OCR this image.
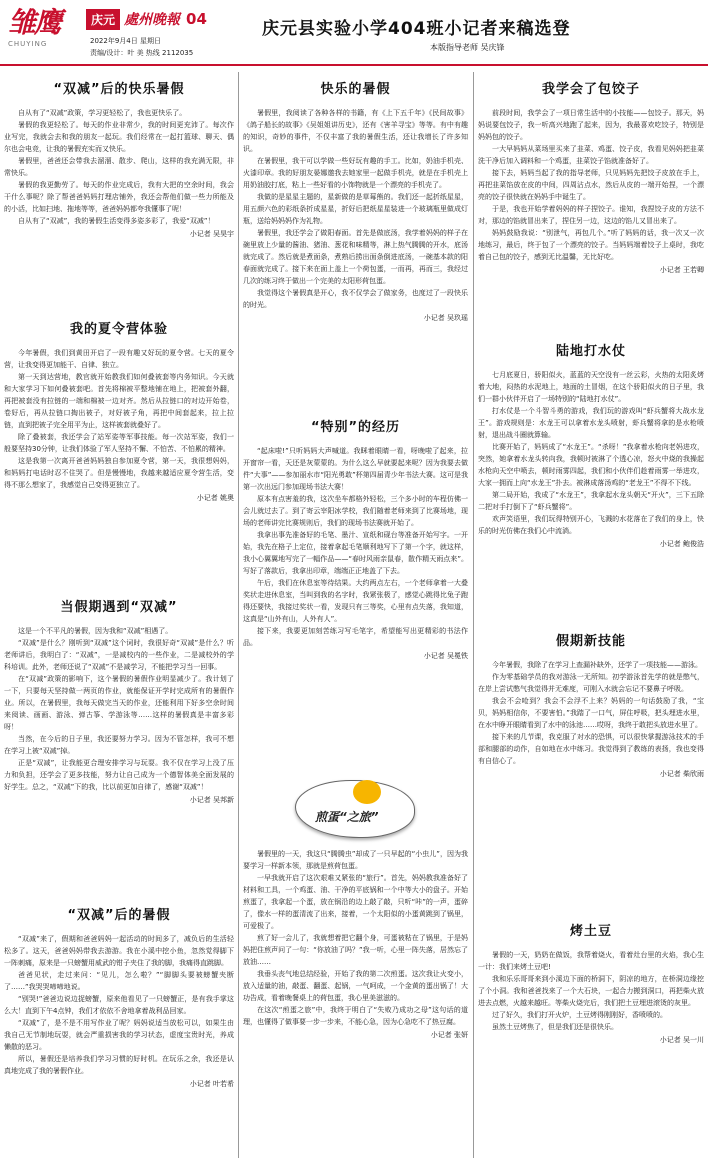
雏鹰
CHUYING
庆元 處州晚報 04
2022年9月4日 星期日
责编/设计：叶 美 热线 2112035
庆元县实验小学404班小记者来稿选登
本版指导老师 吴庆锋
“双减”后的快乐暑假

自从有了“双减”政策，学习更轻松了，我也更快乐了。

暑假的我更轻松了。每天的作业非常少，我的时间更充沛了。每次作业写完，我就会去和我的朋友一起玩。我们经常在一起打篮球、聊天、偶尔也会电竞，让我的暑假充实而又快乐。

暑假里，爸爸还会带我去溜溜、散步、爬山，这样的我充满无限，非常快乐。

暑假的我更勤劳了。每天的作业完成后，我有大把的空余时间，我会干什么事呢？除了帮爸爸妈妈打理店铺外，我还会帮他们做一些力所能及的小活，比如扫地、拖地等等，爸爸妈妈都夸我懂事了呢！

自从有了“双减”，我的暑假生活变得多姿多彩了，我爱“双减”！

小记者 吴昊宇
我的夏令营体验

今年暑假，我们到黄田开启了一段有趣又好玩的夏令营。七天的夏令营，让我变得更加能干、自律、独立。

第一天到达营地，教官就开始教我们如何叠被套等内务知识。今天就和大家学习下如何叠被套吧。首先将棉被平整地铺在地上，把被套外翻，再把被套没有拉链的一端和棉被一边对齐。然后从拉链口的对边开始卷，卷好后，再从拉链口掏出被子，对好被子角，再把中间套起来，拉上拉链，直到把被子完全用平为止，这样被套就叠好了。

除了叠被套，我还学会了站军姿等军事技能。每一次站军姿，我们一般要坚持30分钟，让我们体验了军人坚持不懈、不怕苦、不怕累的精神。

这是我第一次离开爸爸妈妈独自参加夏令营，第一天，我很想妈妈，和妈妈打电话时忍不住哭了。但是慢慢地，我越来越适应夏令营生活，变得不那么想家了，我感觉自己变得更独立了。

小记者 姚奥
当假期遇到“双减”

这是一个不平凡的暑假，因为我和“双减”相遇了。

“双减”是什么？刚听到“双减”这个词时，我很好奇“双减”是什么？听老师讲后，我明白了：“双减”，一是减校内的一些作业，二是减校外的学科培训。此外，老师还说了“双减”不是减学习，不能把学习当一回事。

在“双减”政策的影响下，这个暑假的暑假作业明显减少了。我计划了一下，只要每天坚持做一两页的作业，就能保证开学时完成所有的暑假作业。所以，在暑假里，我每天做完当天的作业，还能利用下好多空余时间来阅读、画画、游泳、弹古筝、学游泳等……这样的暑假真是丰富多彩呀！

当然，在今后的日子里，我还要努力学习。因为不管怎样，我可不想在学习上被“双减”掉。

正是“双减”，让我能更合理安排学习与玩耍。我不仅在学习上没了压力和负担，还学会了更多技能，努力让自己成为一个德智体美全面发展的好学生。总之，“双减”下的我，比以前更加自律了，感谢“双减”！

小记者 吴邦新
“双减”后的暑假

“双减”来了，假期和爸爸妈妈一起活动的时间多了，减负后的生活轻松多了。这天，爸爸妈妈带我去游游。我在小溪中挖小鱼，忽然觉得脚下一阵刺痛，原来是一只螃蟹用威武的钳子夹住了我的脚，我痛得直跳脚。

爸爸见状，走过来问：“见儿，怎么啦？”“脚脚头要被螃蟹夹断了……”我哭哭啼啼地说。

“别哭!”爸爸边说边捉螃蟹，原来他看见了一只螃蟹正，是有我手掌这么大！直到下午4点钟，我们才依依不舍地拿着战利品回家。

“双减”了，是不是不用写作业了呢？妈妈说适当放松可以，如果生由我自己无节制地玩耍，就会严重损害我的学习状态，虚度宝贵时光，养成懒散的恶习。

所以，暑假还是培养我们学习习惯的好时机。在玩乐之余，我还是认真地完成了我的暑假作业。

小记者 叶若希
快乐的暑假

暑假里，我阅读了各种各样的书籍，有《上下五千年》《民间故事》《鸽子船长的故事》《吴姐姐讲历史》，还有《害羊寻宝》等等。有中有趣的知识，奇妙的事件，不仅丰富了我的暑假生活，还让我增长了许多知识。

在暑假里，我干可以学做一些好玩有趣的手工。比如，奶油手机壳、火漆印章。我的好朋友晏娜邀我去她家里一起做手机壳，就是在手机壳上用奶油胶打底，粘上一些好看的小饰物就是一个漂亮的手机壳了。

我做的是星星主题的，星新做的是草莓熊的。我们还一起折纸星星，用五颜六色的彩纸条折成星星，折好后把纸星星装进一个玻璃瓶里做成灯瓶，送给妈妈妈作为礼物。

暑假里，我还学会了做阳春面。首先是做底汤，我学着妈妈的样子在碗里放上少量的酱油、猪油、葱花和味精等，淋上热气腾腾的开水，底汤就完成了。然后就是煮面条，煮熟后捞出面条倒进底汤，一碗基本款的阳春面就完成了。接下来在面上盖上一个荷包蛋，一而再，再而三，我经过几次的练习终于做出一个完美的太阳形荷包蛋。

我觉得这个暑假真是开心，我不仅学会了做家务，也度过了一段快乐的时光。

小记者 吴玖瑶
“特别”的经历

“起床啦!”只听妈妈大声喊道。我眯着眼睛一看，呀晚啦了起来，拉开窗帘一看，天还是灰蒙蒙的。为什么这么早就要起来呢？因为我要去做件“大事”——参加丽水市“阳光勇敢”杯第四届青少年书法大赛。这可是我第一次出远门参加现场书法大赛！

原本有点害羞的我，这次坐车都格外轻松，三个多小时的车程仿佛一会儿就过去了。到了寄云宰阳冰学校，我们随着老师来到了比赛场地，现场的老师讲完比赛规则后，我们的现场书法赛就开始了。

我拿出事先准备好的毛笔、墨汁、宣纸和砚台等准备开始写字。一开始，我先在格子上定位，接着拿起毛笔顺利地写下了第一个字，就这样，我小心翼翼地写完了一幅作品——“春时风雨亲鼠春，散作精天雨点来”。写好了落款后，我拿出印章，端端正正地盖了下去。

午后，我们在休息室等待结果。大约两点左右，一个老师拿着一大叠奖状走进休息室，当叫到我的名字时，我紧张极了，感觉心跳得比兔子跑得还要快，我接过奖状一看，发现只有三等奖，心里有点失落，我知道，这真是“山外有山，人外有人”。

接下来，我要更加刻苦练习写毛笔字，希望能写出更精彩的书法作品。

小记者 吴冕铁
煎蛋“之旅”

暑假里的一天，我这只“腾腾虫”却成了一只早起的“小虫儿”，因为我要学习一样新本领，那就是煎荷包蛋。

一早我就开启了这次艰难又紧张的“旅行”。首先，妈妈教我准备好了材料和工具，一个鸡蛋、油、干净的平底锅和一个中等大小的盘子。开始煎蛋了，我拿起一个蛋，放在锅沿的边上敲了敲，只听“咔”的一声，蛋碎了，像水一样的蛋清流了出来，接着，一个太阳似的小蛋黄跳到了锅里，可爱极了。

煎了好一会儿了，我就想着把它翻个身，可蛋被粘在了锅里，于是妈妈把住煎声问了一句：“你放油了吗？”我一听，心里一阵失落，居然忘了放油……

我垂头丧气地总结经验，开始了我的第二次煎蛋。这次我让火变小，放入适量的油，敲蛋、翻蛋、起锅，一气呵成，一个金黄的蛋出锅了！大功告成，看着晚餐桌上的荷包蛋，我心里美滋滋的。

在这次“煎蛋之旅”中，我终于明白了“失败乃成功之母”这句话的道理，也懂得了做事要一步一步来，不能心急，因为心急吃不了热豆腐。

小记者 张妍
我学会了包饺子

前段时间，我学会了一项日常生活中的小技能——包饺子。那天，妈妈说要包饺子，我一听高兴地跑了起来，因为，我最喜欢吃饺子，特别是妈妈包的饺子。

一大早妈妈从菜场里买来了韭菜、鸡蛋、饺子皮，我看见妈妈把韭菜洗干净后加入调料和一个鸡蛋，韭菜饺子馅就准备好了。

接下去，妈妈当起了我的指导老师，只见妈妈先把饺子皮放在手上，再把韭菜馅放在皮的中间，四周沾点水，然后从皮的一端开始捏，一个漂亮的饺子很快就在妈妈手中诞生了。

于是，我也开始学着妈妈的样子捏饺子。谁知，我捏饺子皮的方法不对，那边的馅就冒出来了，捏住另一边，这边的馅儿又冒出来了。

妈妈鼓励我说：“别泄气，再包几个。”听了妈妈的话，我一次又一次地练习，最后，终于包了一个漂亮的饺子。当妈妈端着饺子上桌时，我吃着自己包的饺子，感到无比温馨，无比好吃。

小记者 王若卿
陆地打水仗

七月底夏日，骄阳似火，蓝蓝的天空没有一丝云彩，火热的太阳炙烤着大地，闷热的水泥地上，地面的土冒烟，在这个骄阳似火的日子里，我们一群小伙伴开启了一场特别的“陆地打水仗”。

打水仗是一个斗智斗勇的游戏，我们玩的游戏叫“虾兵蟹将大战水龙王”。游戏规则是：水龙王可以拿着水龙头喷射，虾兵蟹将拿的是水枪喷射，退出战斗圈就算输。

比赛开始了，妈妈成了“水龙王”。“杀呀！”我拿着水枪向老妈进攻，突然，她拿着水龙头转向我，我顿时被淋了个透心凉，怒火中烧的我操起水枪向天空中喷去，顿时雨雾四起，我们和小伙伴们趁着雨雾一举进攻，大家一拥而上向“水龙王”扑去。被淋成落汤鸡的“老龙王”不得不下线。

第二局开始，我成了“水龙王”，我拿起水龙头朝天“开火”，三下五除二把对手打倒下了“虾兵蟹将”。

欢声笑语里，我们玩得特别开心，飞溅的水花落在了我们的身上，快乐的时光仿佛在我们心中流淌。

小记者 鲍俊浩
假期新技能

今年暑假，我除了在学习上查漏补缺外，还学了一项技能——游泳。

作为零基础学员的我对游泳一无所知。初学游泳首先学的就是憋气，在岸上尝试憋气我觉得并无难度，可刚入水就会忘记不要鼻子呼吸。

我会不会呛到？我会不会浮不上来？妈妈的一句话鼓励了我，“宝贝，妈妈相信你，不要害怕。”我踏了一口气，屏住呼吸，把头埋进水里，在水中睁开眼睛看到了水中的泳池……哎呀，我终于敢把头放进水里了。

接下来的几节课，我克服了对水的恐惧，可以很快掌握游泳技术的手部和腿部的动作，自如地在水中练习。我觉得到了教练的表扬，我也变得有自信心了。

小记者 柴欣雨
烤土豆

暑假的一天，奶奶在做饭，我帮着烧火，看着灶台里的火焰，我心生一计：我们来烤土豆吧!

我和乐乐哥哥来到小溪边下面的桥洞下，阴凉的地方，在桥洞边缘挖了个小洞。我和爸爸找来了一个大石块，一起合力搬到洞口，再把柴火放进去点燃，火越来越旺。等柴火烧完后，我们把土豆埋进滚烫的灰里。

过了好久，我们打开火炉，土豆烤得刚刚好，香喷喷的。

虽然土豆烤焦了，但是我们还是很快乐。

小记者 吴一川
